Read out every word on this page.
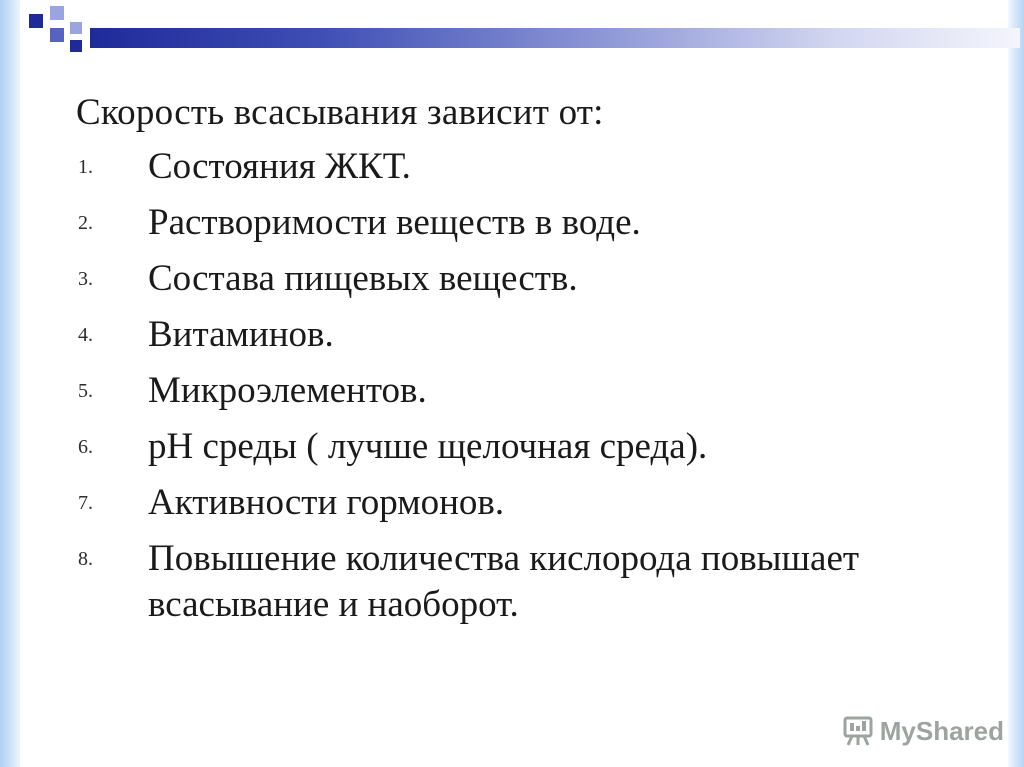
Скорость всасывания зависит от:
1. Состояния ЖКТ.
2. Растворимости веществ в воде.
3. Состава пищевых веществ.
4. Витаминов.
5. Микроэлементов.
6. pH среды ( лучше щелочная среда).
7. Активности гормонов.
8. Повышение количества кислорода повышает всасывание и наоборот.
MyShared
